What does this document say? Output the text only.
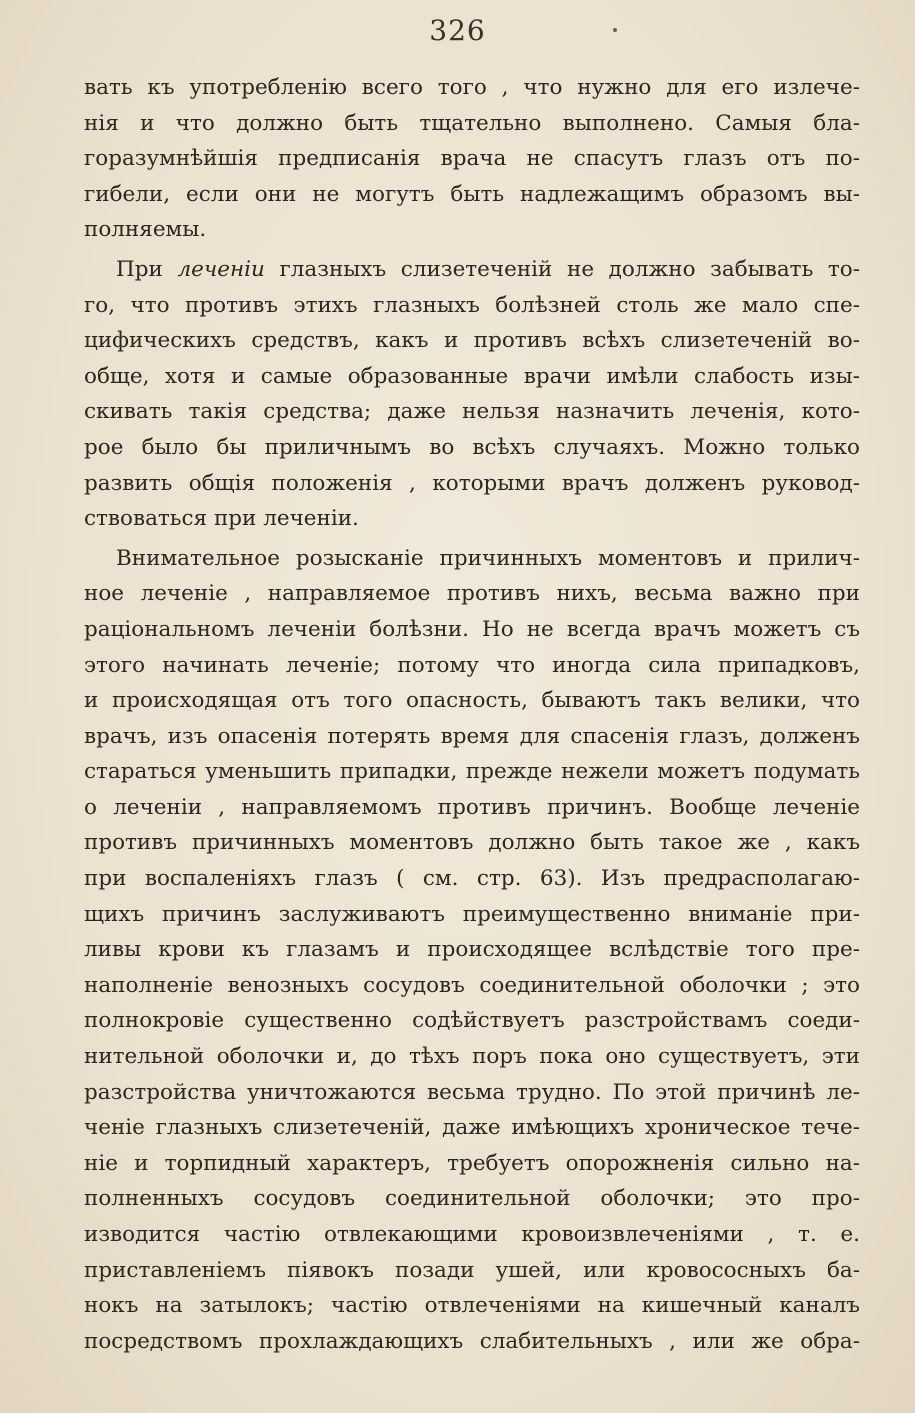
326
вать къ употребленію всего того , что нужно для его излече-
нія и что должно быть тщательно выполнено. Самыя бла-
горазумнѣйшія предписанія врача не спасутъ глазъ отъ по-
гибели, если они не могутъ быть надлежащимъ образомъ вы-
полняемы.
При леченіи глазныхъ слизетеченій не должно забывать то-
го, что противъ этихъ глазныхъ болѣзней столь же мало спе-
цифическихъ средствъ, какъ и противъ всѣхъ слизетеченій во-
обще, хотя и самые образованные врачи имѣли слабость изы-
скивать такія средства; даже нельзя назначить леченія, кото-
рое было бы приличнымъ во всѣхъ случаяхъ. Можно только
развить общія положенія , которыми врачъ долженъ руковод-
ствоваться при леченіи.
Внимательное розысканіе причинныхъ моментовъ и прилич-
ное леченіе , направляемое противъ нихъ, весьма важно при
раціональномъ леченіи болѣзни. Но не всегда врачъ можетъ съ
этого начинать леченіе; потому что иногда сила припадковъ,
и происходящая отъ того опасность, бываютъ такъ велики, что
врачъ, изъ опасенія потерять время для спасенія глазъ, долженъ
стараться уменьшить припадки, прежде нежели можетъ подумать
о леченіи , направляемомъ противъ причинъ. Вообще леченіе
противъ причинныхъ моментовъ должно быть такое же , какъ
при воспаленіяхъ глазъ ( см. стр. 63). Изъ предрасполагаю-
щихъ причинъ заслуживаютъ преимущественно вниманіе при-
ливы крови къ глазамъ и происходящее вслѣдствіе того пре-
наполненіе венозныхъ сосудовъ соединительной оболочки ; это
полнокровіе существенно содѣйствуетъ разстройствамъ соеди-
нительной оболочки и, до тѣхъ поръ пока оно существуетъ, эти
разстройства уничтожаются весьма трудно. По этой причинѣ ле-
ченіе глазныхъ слизетеченій, даже имѣющихъ хроническое тече-
ніе и торпидный характеръ, требуетъ опорожненія сильно на-
полненныхъ сосудовъ соединительной оболочки; это про-
изводится частію отвлекающими кровоизвлеченіями , т. е.
приставленіемъ піявокъ позади ушей, или кровососныхъ ба-
нокъ на затылокъ; частію отвлеченіями на кишечный каналъ
посредствомъ прохлаждающихъ слабительныхъ , или же обра-
